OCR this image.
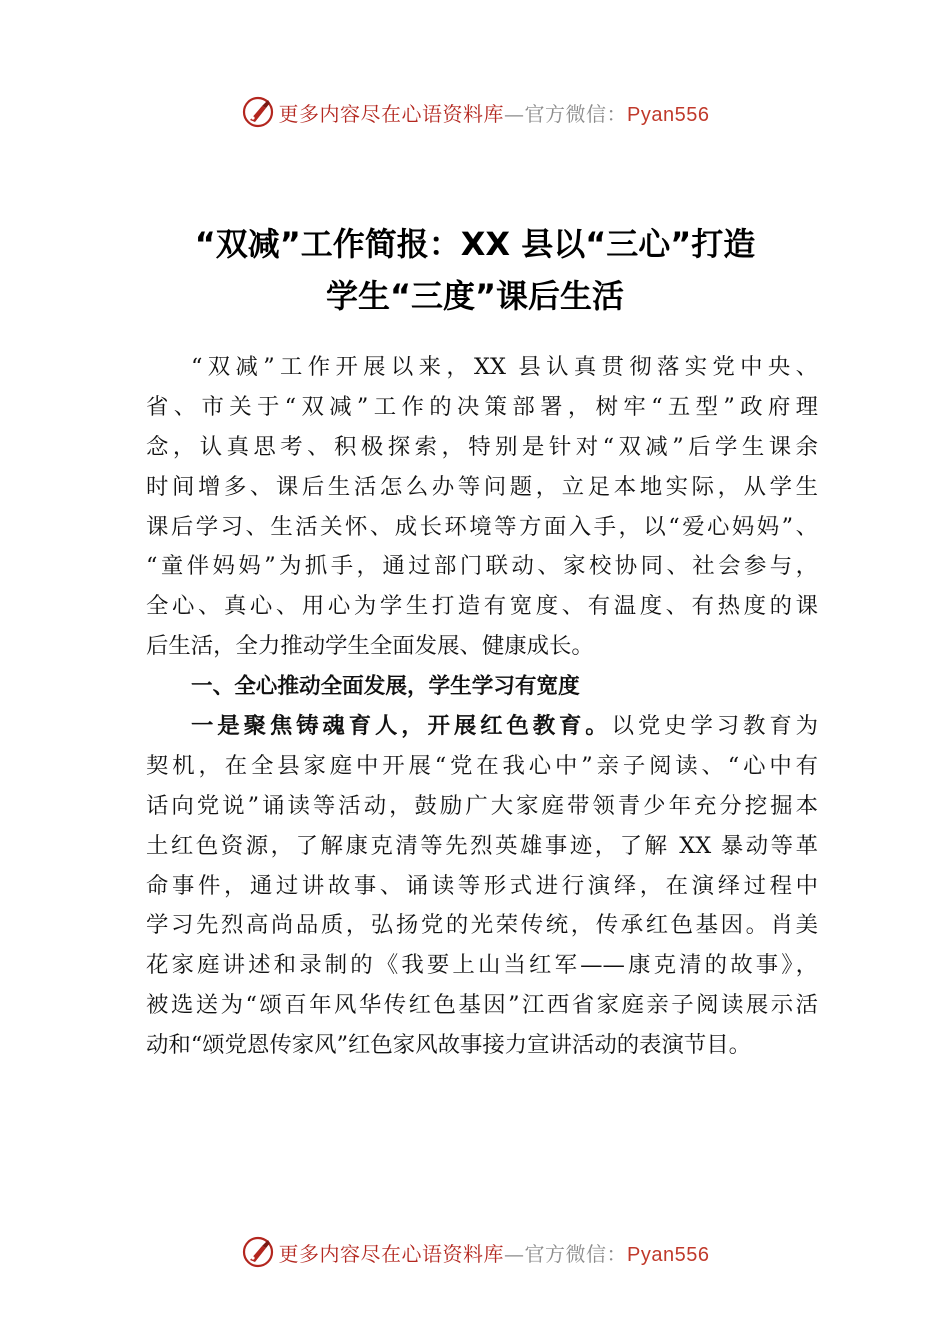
更多内容尽在心语资料库—官方微信：Pyan556
“双减”工作简报：XX 县以“三心”打造
学生“三度”课后生活
“双减”工作开展以来，XX 县认真贯彻落实党中央、
省、市关于“双减”工作的决策部署，树牢“五型”政府理
念，认真思考、积极探索，特别是针对“双减”后学生课余
时间增多、课后生活怎么办等问题，立足本地实际，从学生
课后学习、生活关怀、成长环境等方面入手，以“爱心妈妈”、
“童伴妈妈”为抓手，通过部门联动、家校协同、社会参与，
全心、真心、用心为学生打造有宽度、有温度、有热度的课
后生活，全力推动学生全面发展、健康成长。
一、全心推动全面发展，学生学习有宽度
一是聚焦铸魂育人，开展红色教育。以党史学习教育为
契机，在全县家庭中开展“党在我心中”亲子阅读、“心中有
话向党说”诵读等活动，鼓励广大家庭带领青少年充分挖掘本
土红色资源，了解康克清等先烈英雄事迹，了解 XX 暴动等革
命事件，通过讲故事、诵读等形式进行演绎，在演绎过程中
学习先烈高尚品质，弘扬党的光荣传统，传承红色基因。肖美
花家庭讲述和录制的《我要上山当红军——康克清的故事》，
被选送为“颂百年风华传红色基因”江西省家庭亲子阅读展示活
动和“颂党恩传家风”红色家风故事接力宣讲活动的表演节目。
更多内容尽在心语资料库—官方微信：Pyan556
